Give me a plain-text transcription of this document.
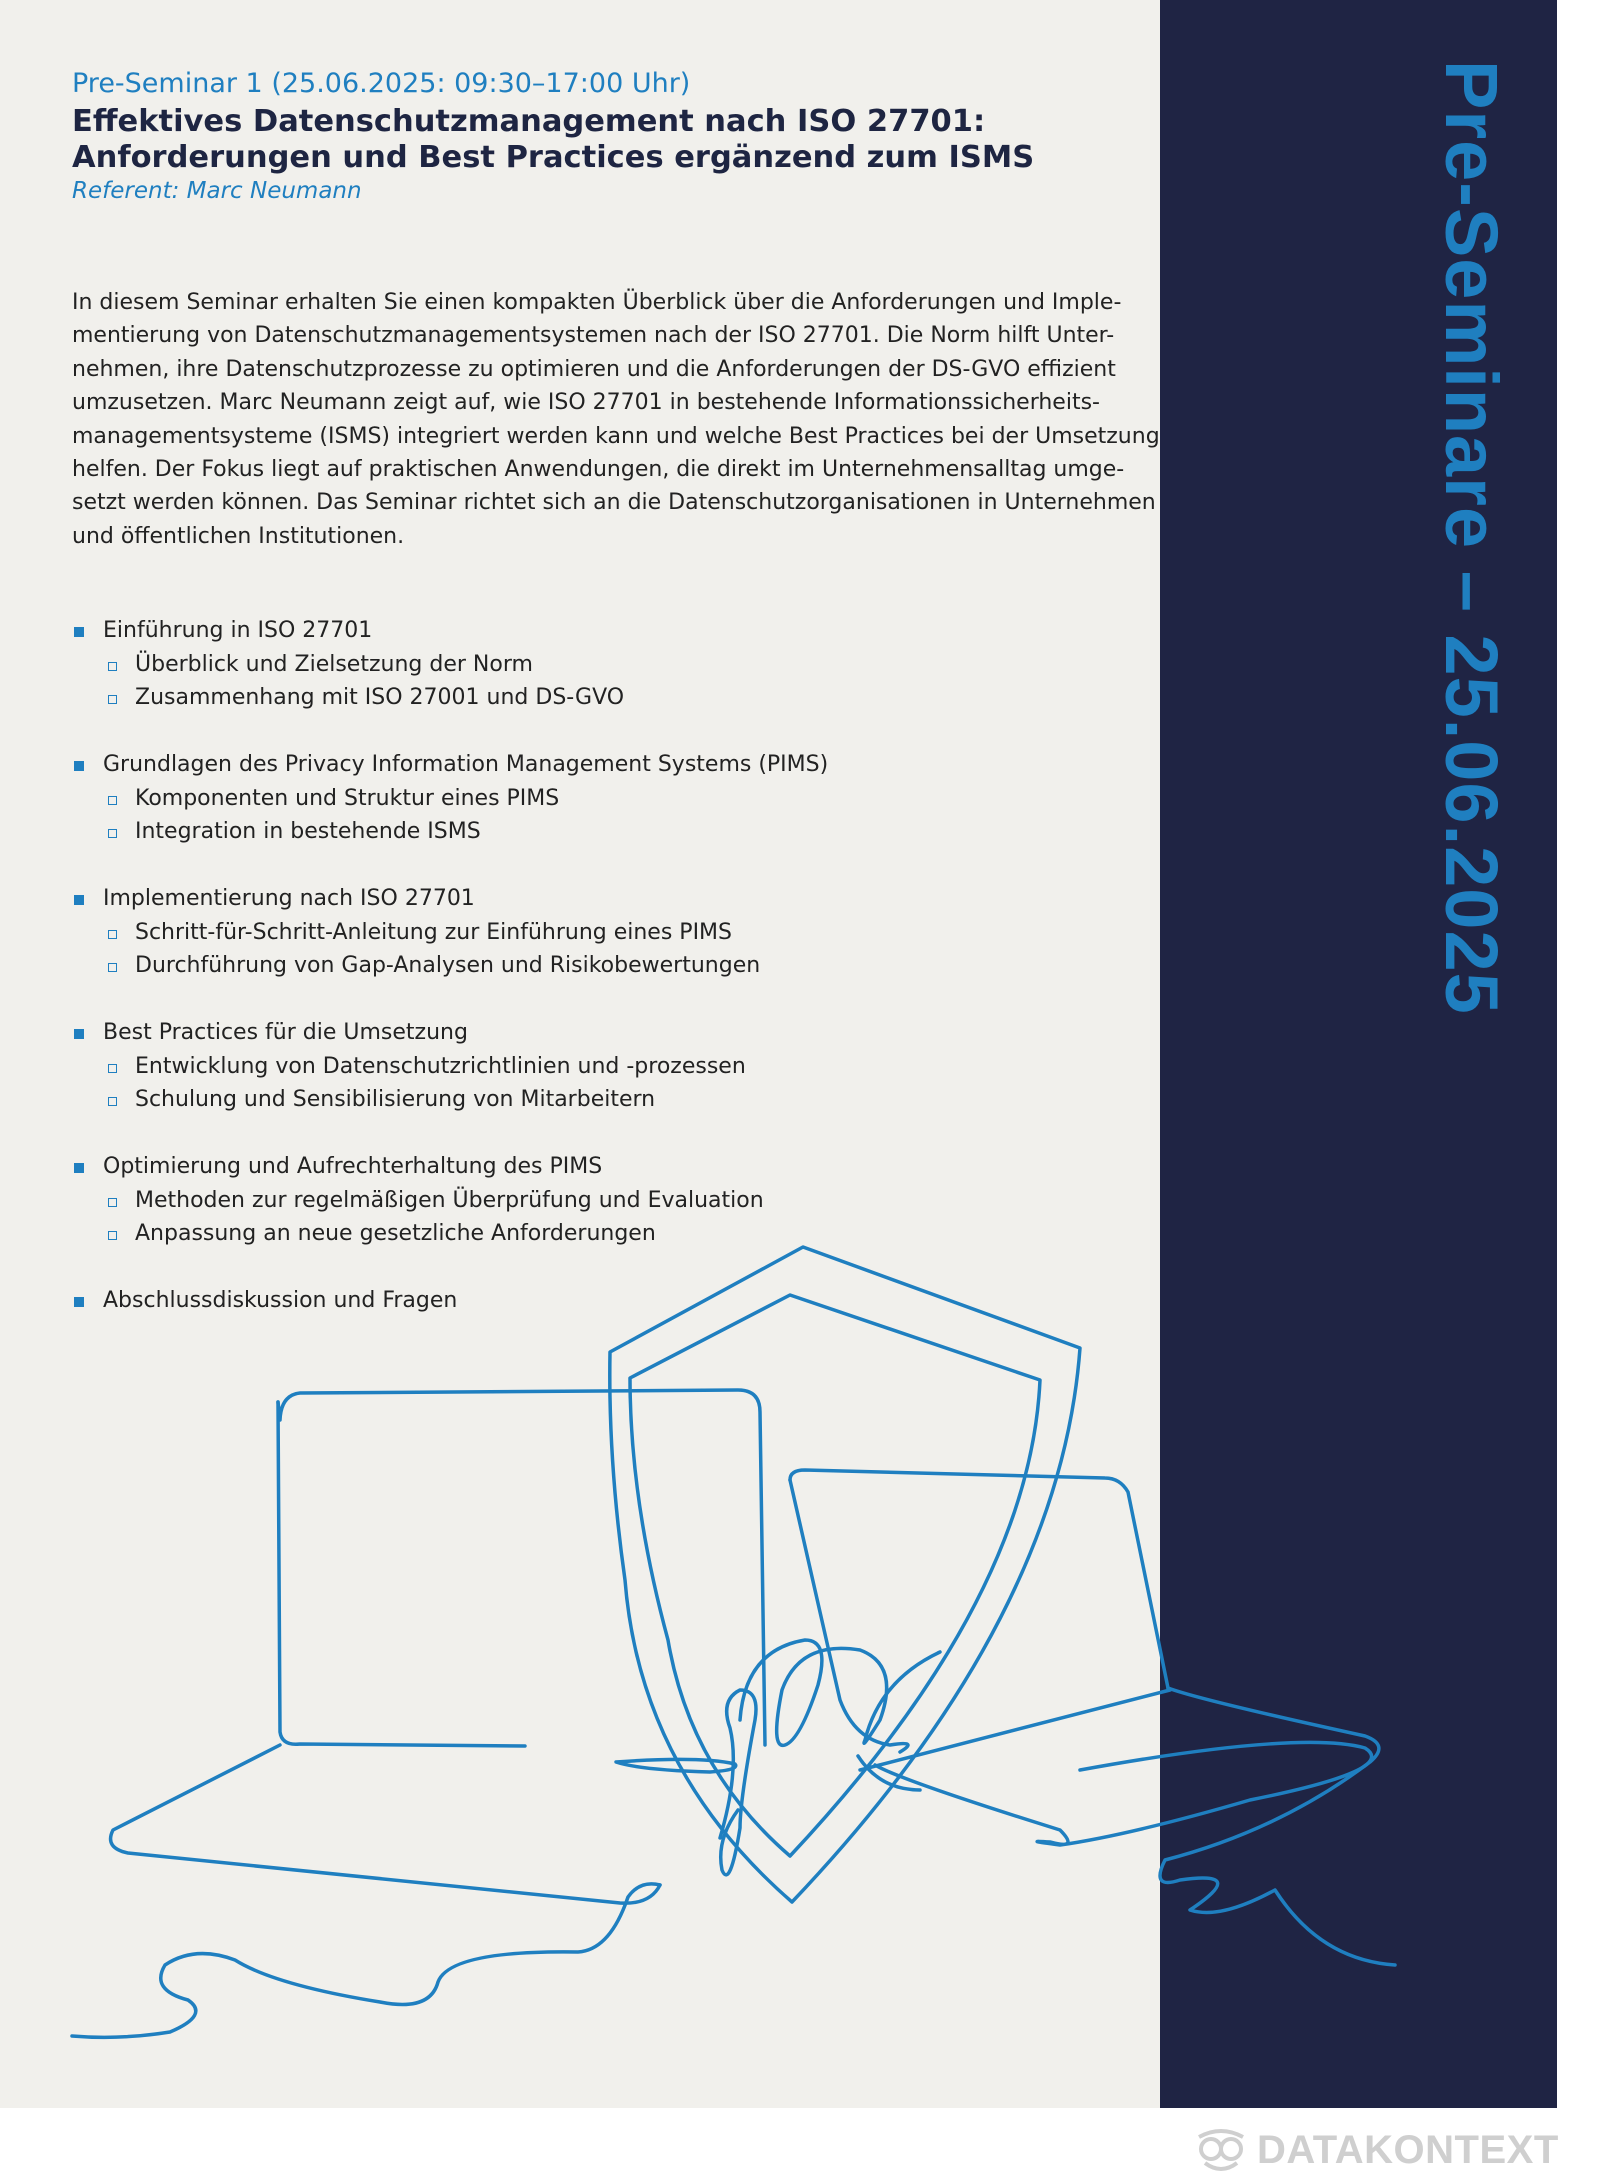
Pre-Seminar 1 (25.06.2025: 09:30–17:00 Uhr)
Effektives Datenschutzmanagement nach ISO 27701:
Anforderungen und Best Practices ergänzend zum ISMS
Referent: Marc Neumann
In diesem Seminar erhalten Sie einen kompakten Überblick über die Anforderungen und Imple-
mentierung von Datenschutzmanagementsystemen nach der ISO 27701. Die Norm hilft Unter-
nehmen, ihre Datenschutzprozesse zu optimieren und die Anforderungen der DS-GVO effizient
umzusetzen. Marc Neumann zeigt auf, wie ISO 27701 in bestehende Informationssicherheits-
managementsysteme (ISMS) integriert werden kann und welche Best Practices bei der Umsetzung
helfen. Der Fokus liegt auf praktischen Anwendungen, die direkt im Unternehmensalltag umge-
setzt werden können. Das Seminar richtet sich an die Datenschutzorganisationen in Unternehmen
und öffentlichen Institutionen.
Einführung in ISO 27701
Überblick und Zielsetzung der Norm
Zusammenhang mit ISO 27001 und DS-GVO
Grundlagen des Privacy Information Management Systems (PIMS)
Komponenten und Struktur eines PIMS
Integration in bestehende ISMS
Implementierung nach ISO 27701
Schritt-für-Schritt-Anleitung zur Einführung eines PIMS
Durchführung von Gap-Analysen und Risikobewertungen
Best Practices für die Umsetzung
Entwicklung von Datenschutzrichtlinien und -prozessen
Schulung und Sensibilisierung von Mitarbeitern
Optimierung und Aufrechterhaltung des PIMS
Methoden zur regelmäßigen Überprüfung und Evaluation
Anpassung an neue gesetzliche Anforderungen
Abschlussdiskussion und Fragen
Pre-Seminare – 25.06.2025
DATAKONTEXT
